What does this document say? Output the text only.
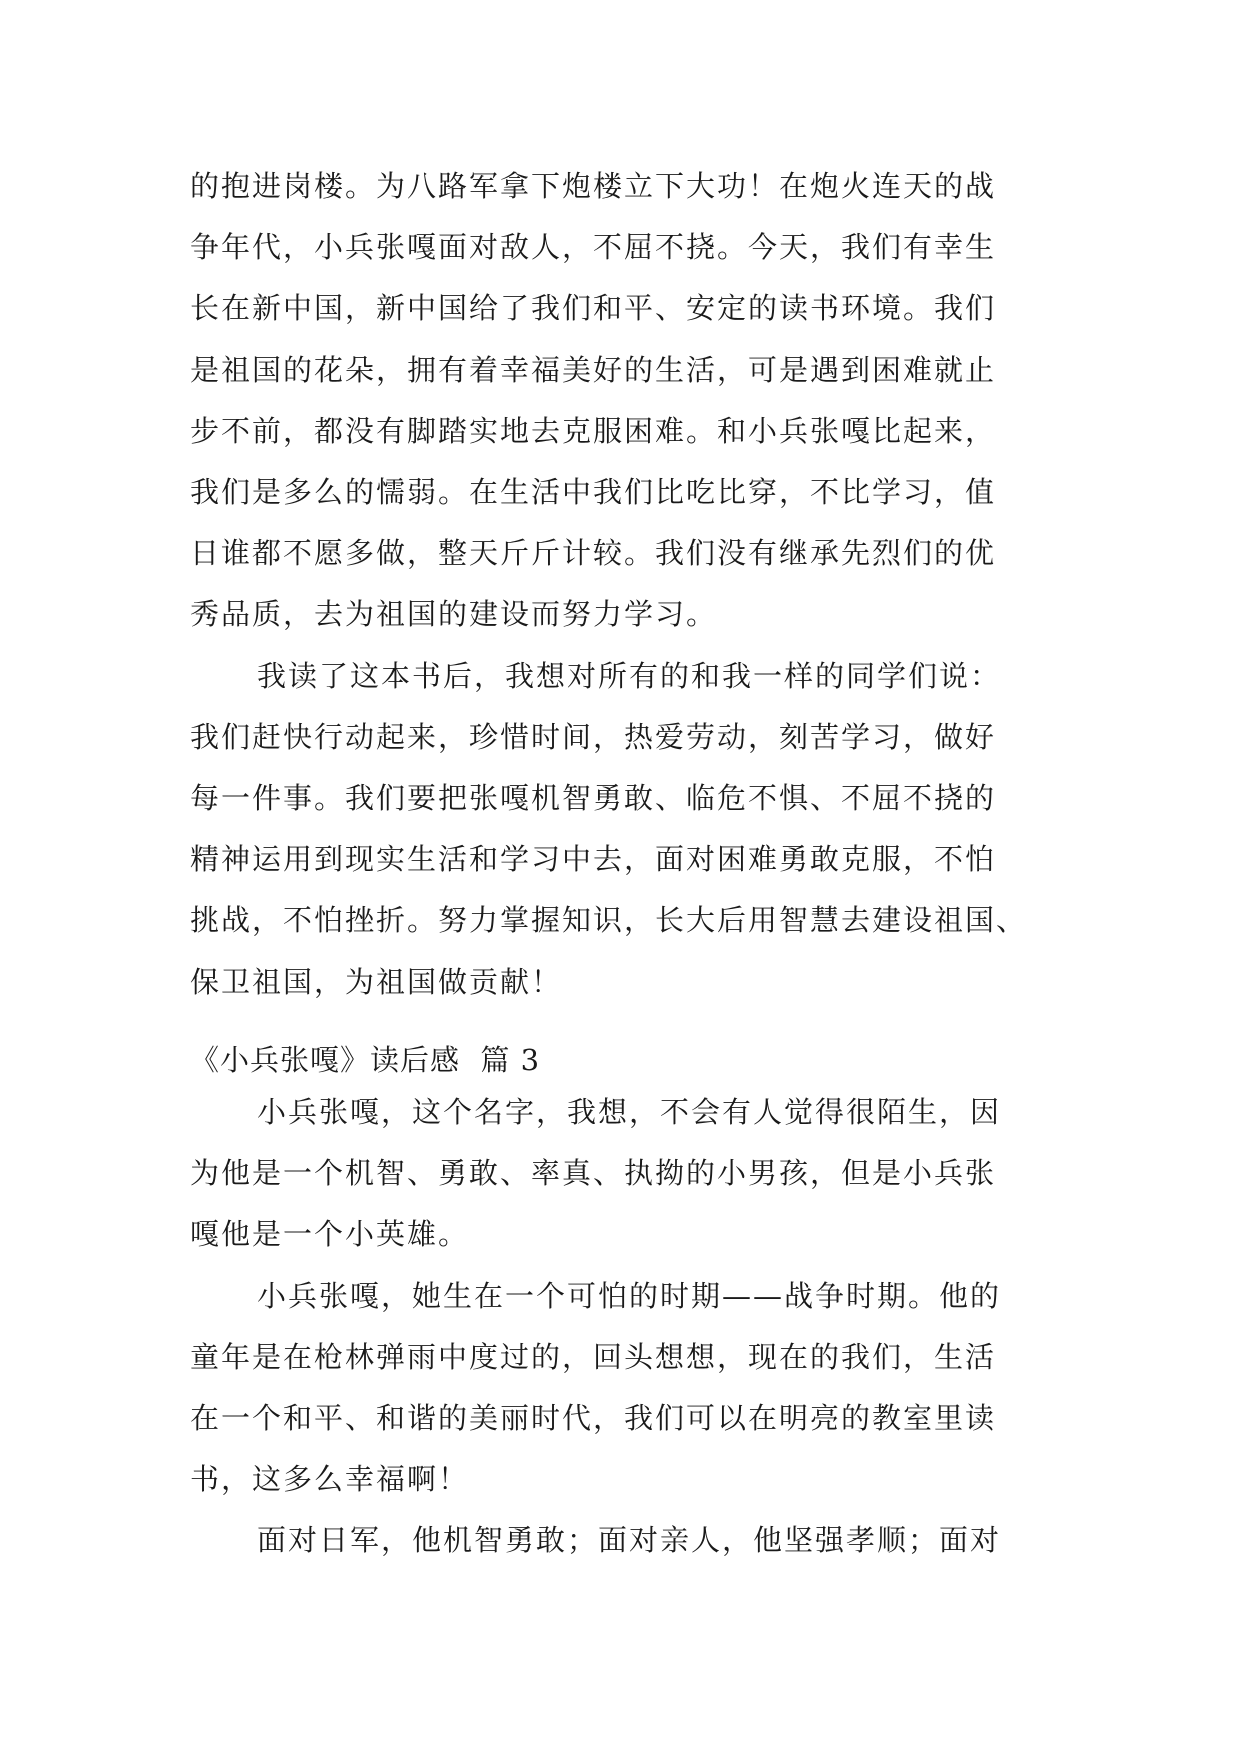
的抱进岗楼。为八路军拿下炮楼立下大功！在炮火连天的战
争年代，小兵张嘎面对敌人，不屈不挠。今天，我们有幸生
长在新中国，新中国给了我们和平、安定的读书环境。我们
是祖国的花朵，拥有着幸福美好的生活，可是遇到困难就止
步不前，都没有脚踏实地去克服困难。和小兵张嘎比起来，
我们是多么的懦弱。在生活中我们比吃比穿，不比学习，值
日谁都不愿多做，整天斤斤计较。我们没有继承先烈们的优
秀品质，去为祖国的建设而努力学习。
我读了这本书后，我想对所有的和我一样的同学们说：
我们赶快行动起来，珍惜时间，热爱劳动，刻苦学习，做好
每一件事。我们要把张嘎机智勇敢、临危不惧、不屈不挠的
精神运用到现实生活和学习中去，面对困难勇敢克服，不怕
挑战，不怕挫折。努力掌握知识，长大后用智慧去建设祖国、
保卫祖国，为祖国做贡献！
《小兵张嘎》读后感  篇 3
小兵张嘎，这个名字，我想，不会有人觉得很陌生，因
为他是一个机智、勇敢、率真、执拗的小男孩，但是小兵张
嘎他是一个小英雄。
小兵张嘎，她生在一个可怕的时期——战争时期。他的
童年是在枪林弹雨中度过的，回头想想，现在的我们，生活
在一个和平、和谐的美丽时代，我们可以在明亮的教室里读
书，这多么幸福啊！
面对日军，他机智勇敢；面对亲人，他坚强孝顺；面对
